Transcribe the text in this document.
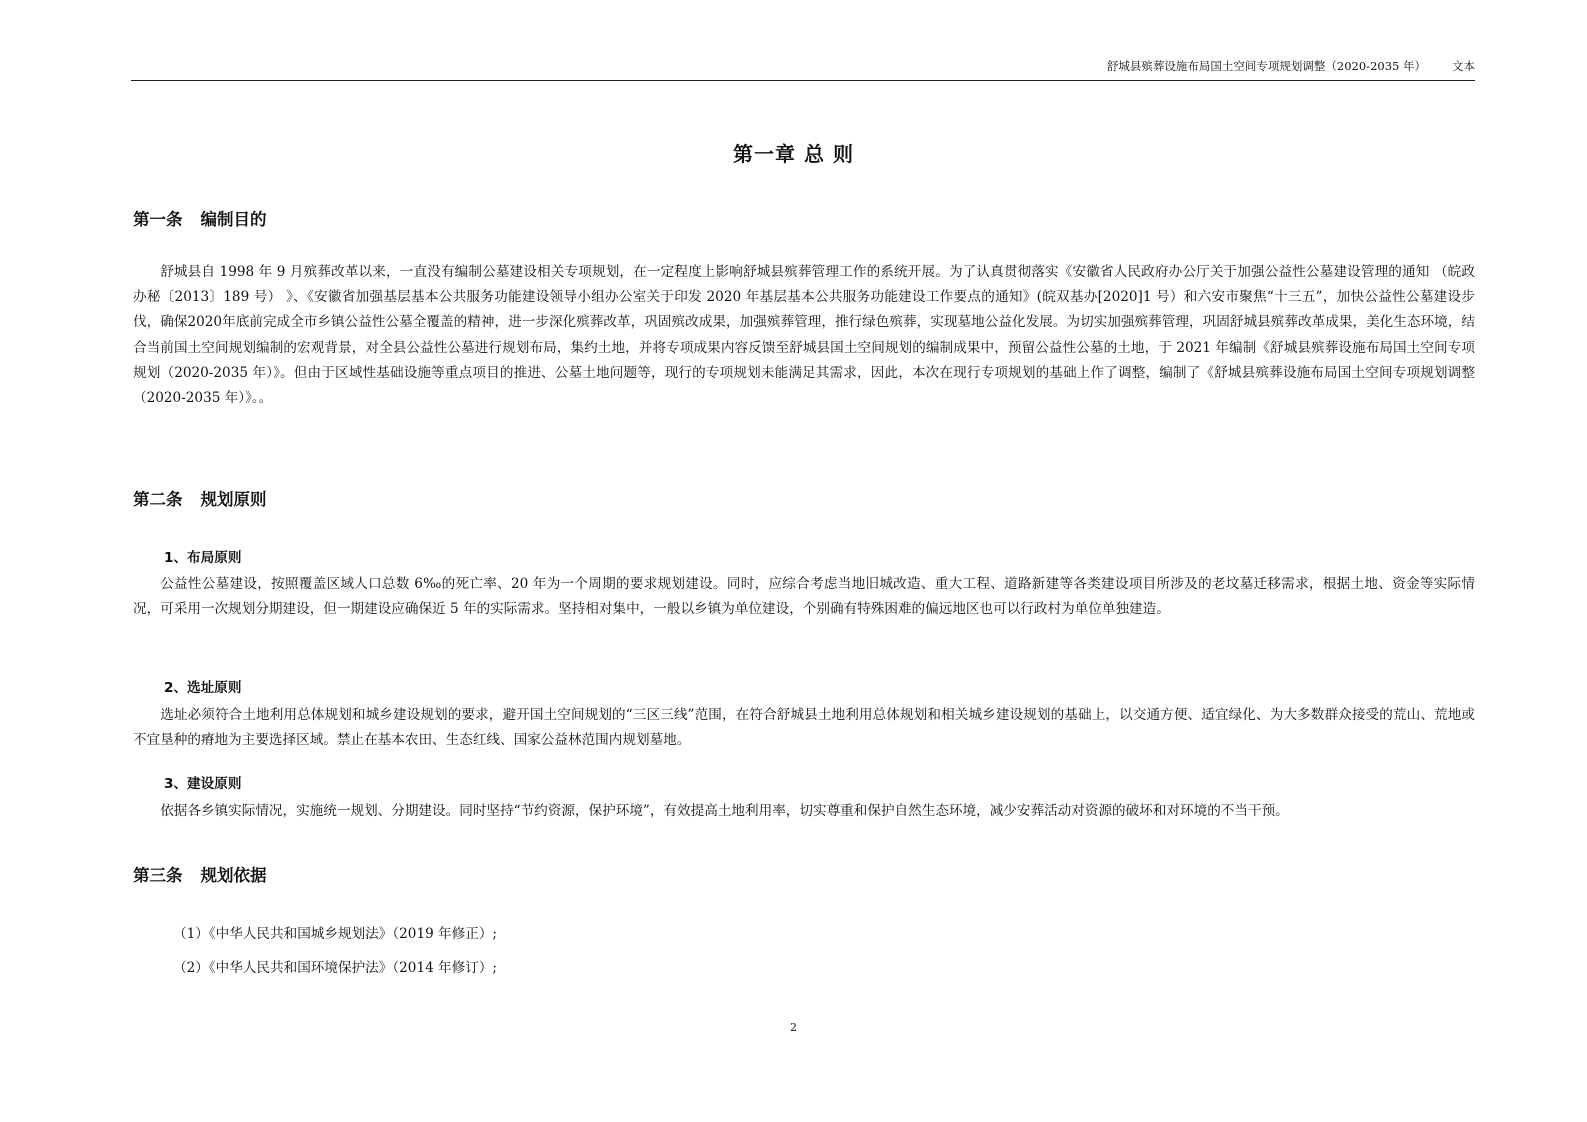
舒城县殡葬设施布局国土空间专项规划调整（2020-2035 年） 文本
第一章 总 则
第一条 编制目的

舒城县自 1998 年 9 月殡葬改革以来，一直没有编制公墓建设相关专项规划，在一定程度上影响舒城县殡葬管理工作的系统开展。为了认真贯彻落实《安徽省人民政府办公厅关于加强公益性公墓建设管理的通知 （皖政办秘〔2013〕189 号） 》、《安徽省加强基层基本公共服务功能建设领导小组办公室关于印发 2020 年基层基本公共服务功能建设工作要点的通知》(皖双基办[2020]1 号）和六安市聚焦“十三五”，加快公益性公墓建设步伐，确保2020年底前完成全市乡镇公益性公墓全覆盖的精神，进一步深化殡葬改革，巩固殡改成果，加强殡葬管理，推行绿色殡葬，实现墓地公益化发展。为切实加强殡葬管理，巩固舒城县殡葬改革成果，美化生态环境，结合当前国土空间规划编制的宏观背景，对全县公益性公墓进行规划布局，集约土地，并将专项成果内容反馈至舒城县国土空间规划的编制成果中，预留公益性公墓的土地，于 2021 年编制《舒城县殡葬设施布局国土空间专项规划（2020-2035 年）》。但由于区域性基础设施等重点项目的推进、公墓土地问题等，现行的专项规划未能满足其需求，因此，本次在现行专项规划的基础上作了调整，编制了《舒城县殡葬设施布局国土空间专项规划调整（2020-2035 年）》。。

第二条 规划原则
1、布局原则

公益性公墓建设，按照覆盖区域人口总数 6‰的死亡率、20 年为一个周期的要求规划建设。同时，应综合考虑当地旧城改造、重大工程、道路新建等各类建设项目所涉及的老坟墓迁移需求，根据土地、资金等实际情况，可采用一次规划分期建设，但一期建设应确保近 5 年的实际需求。坚持相对集中，一般以乡镇为单位建设，个别确有特殊困难的偏远地区也可以行政村为单位单独建造。

2、选址原则

选址必须符合土地利用总体规划和城乡建设规划的要求，避开国土空间规划的“三区三线”范围，在符合舒城县土地利用总体规划和相关城乡建设规划的基础上，以交通方便、适宜绿化、为大多数群众接受的荒山、荒地或不宜垦种的瘠地为主要选择区域。禁止在基本农田、生态红线、国家公益林范围内规划墓地。

3、建设原则

依据各乡镇实际情况，实施统一规划、分期建设。同时坚持“节约资源，保护环境”，有效提高土地利用率，切实尊重和保护自然生态环境，减少安葬活动对资源的破坏和对环境的不当干预。

第三条 规划依据
（1）《中华人民共和国城乡规划法》（2019 年修正）;
（2）《中华人民共和国环境保护法》（2014 年修订）;
2
